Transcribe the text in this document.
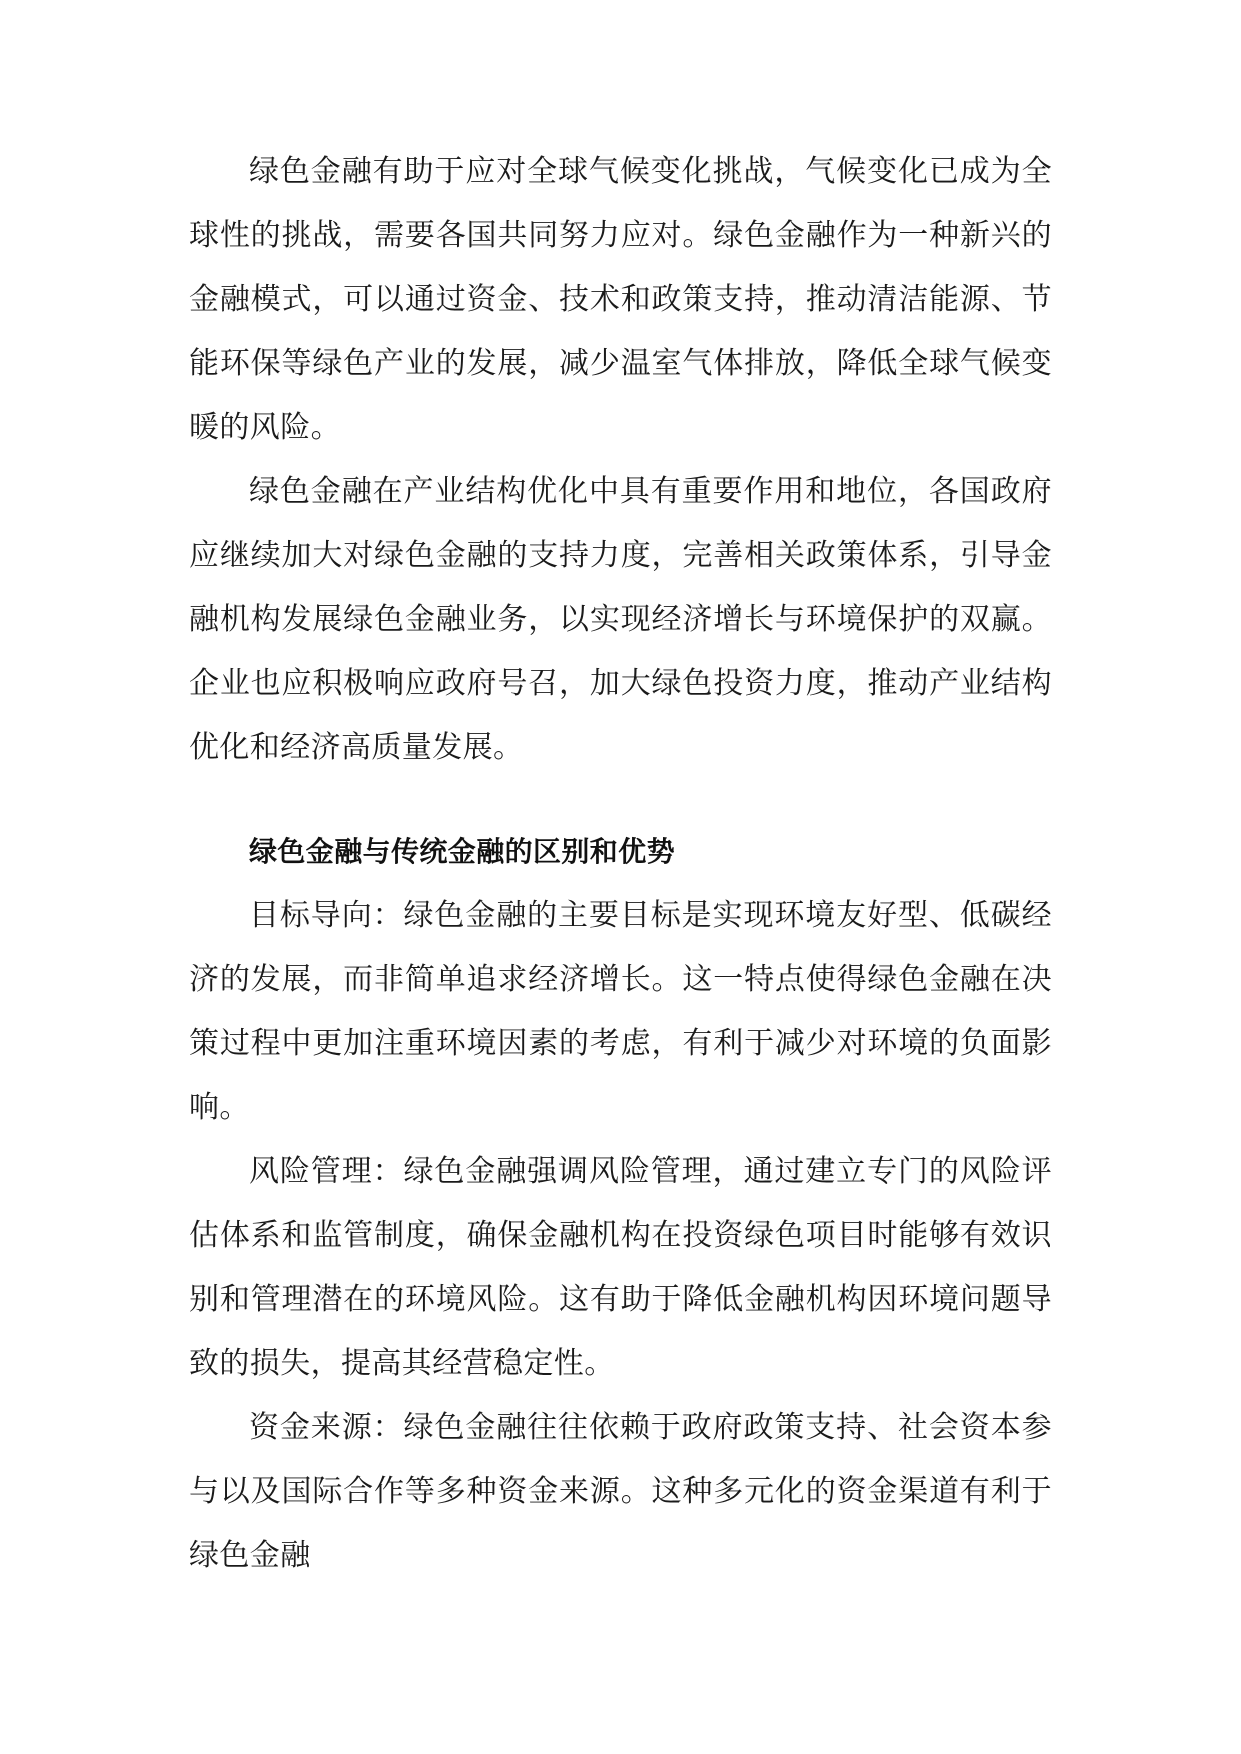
绿色金融有助于应对全球气候变化挑战，气候变化已成为全球性的挑战，需要各国共同努力应对。绿色金融作为一种新兴的金融模式，可以通过资金、技术和政策支持，推动清洁能源、节能环保等绿色产业的发展，减少温室气体排放，降低全球气候变暖的风险。

绿色金融在产业结构优化中具有重要作用和地位，各国政府应继续加大对绿色金融的支持力度，完善相关政策体系，引导金融机构发展绿色金融业务，以实现经济增长与环境保护的双赢。企业也应积极响应政府号召，加大绿色投资力度，推动产业结构优化和经济高质量发展。

绿色金融与传统金融的区别和优势

目标导向：绿色金融的主要目标是实现环境友好型、低碳经济的发展，而非简单追求经济增长。这一特点使得绿色金融在决策过程中更加注重环境因素的考虑，有利于减少对环境的负面影响。

风险管理：绿色金融强调风险管理，通过建立专门的风险评估体系和监管制度，确保金融机构在投资绿色项目时能够有效识别和管理潜在的环境风险。这有助于降低金融机构因环境问题导致的损失，提高其经营稳定性。

资金来源：绿色金融往往依赖于政府政策支持、社会资本参与以及国际合作等多种资金来源。这种多元化的资金渠道有利于绿色金融
